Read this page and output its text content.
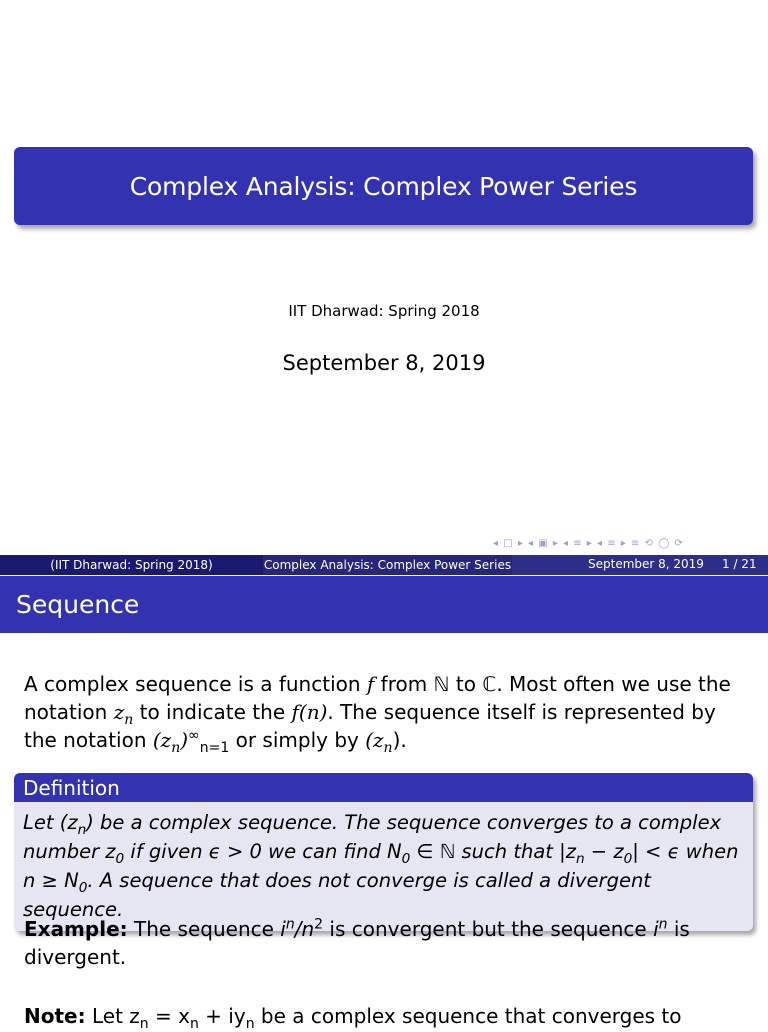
Complex Analysis: Complex Power Series
IIT Dharwad: Spring 2018
September 8, 2019
◂ □ ▸ ◂ ▣ ▸ ◂ ≡ ▸ ◂ ≡ ▸ ≡ ⟲ ◯ ⟳
(IIT Dharwad: Spring 2018)	Complex Analysis: Complex Power Series	September 8, 2019 1 / 21
Sequence
A complex sequence is a function f from ℕ to ℂ. Most often we use the notation $z_n$ to indicate the f(n). The sequence itself is represented by the notation $(z_n)^\infty_{n=1}$ or simply by $(z_n)$.
Definition
Let $(z_n)$ be a complex sequence. The sequence converges to a complex number $z_0$ if given ϵ > 0 we can find $N_0$ ∈ ℕ such that $|z_n - z_0| < \epsilon$ when $n \ge N_0$. A sequence that does not converge is called a divergent sequence.
Example: The sequence $i^n/n^2$ is convergent but the sequence $i^n$ is divergent.
Note: Let $z_n = x_n + iy_n$ be a complex sequence that converges to
